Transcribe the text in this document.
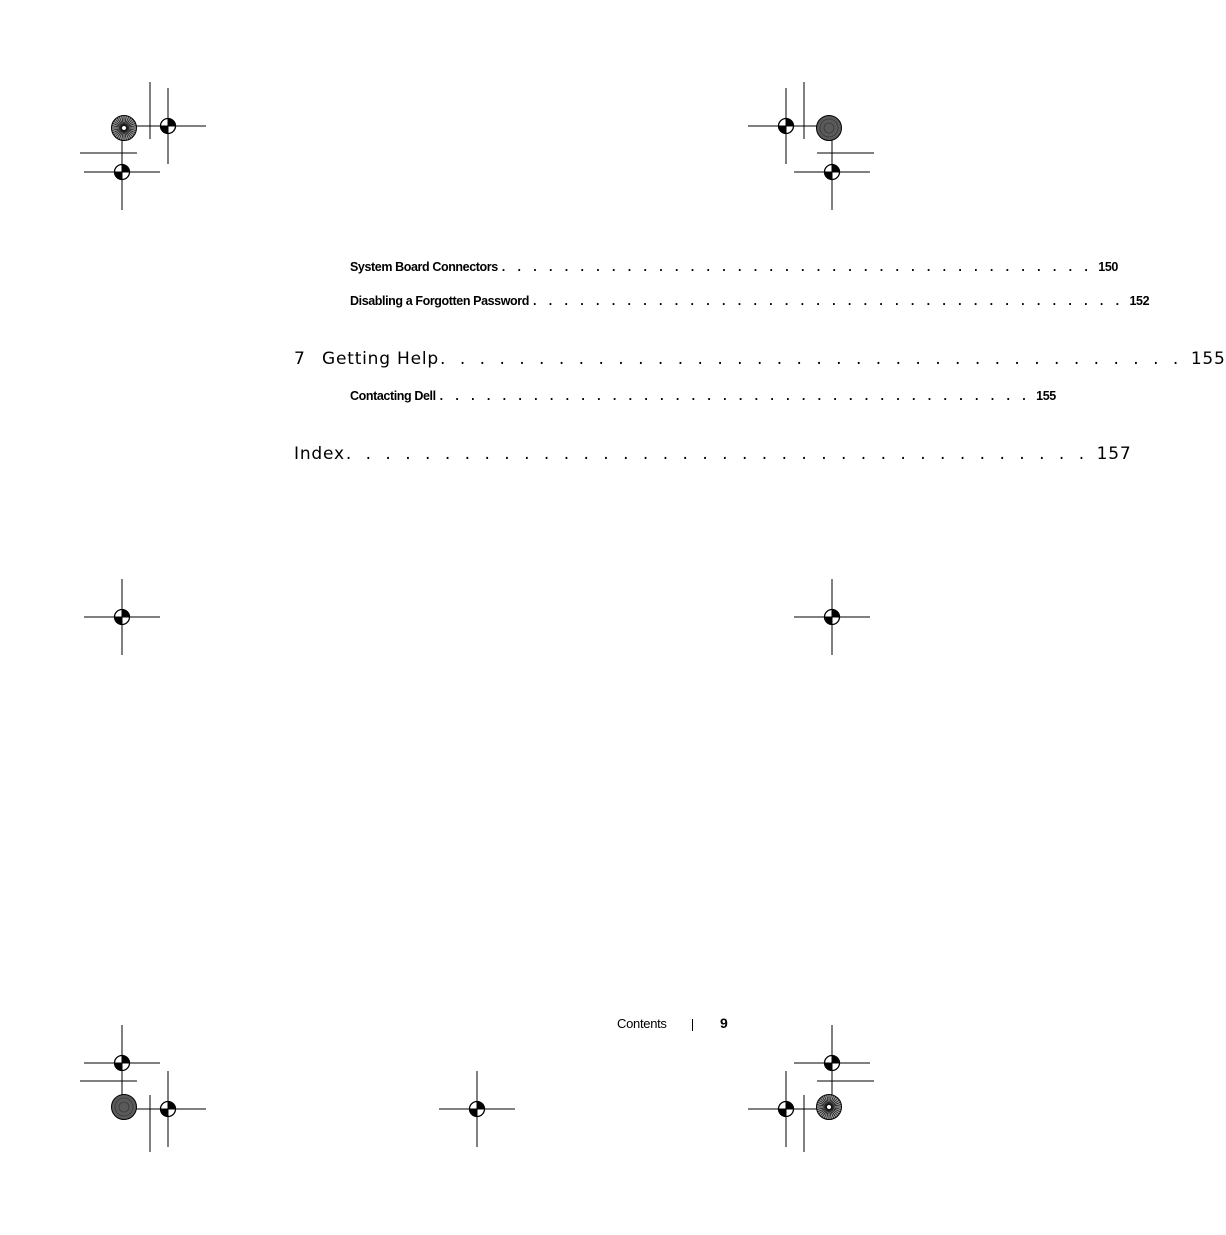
System Board Connectors . . . . . . . . . . . . . . . . . . . . . . . . . . . . . . . . . . . . . . 150
Disabling a Forgotten Password . . . . . . . . . . . . . . . . . . . . . . . . . . . . . . . . . . . . . . 152
7 Getting Help . . . . . . . . . . . . . . . . . . . . . . . . . . . . . . . . . . . . . . 155
Contacting Dell . . . . . . . . . . . . . . . . . . . . . . . . . . . . . . . . . . . . . . 155
Index . . . . . . . . . . . . . . . . . . . . . . . . . . . . . . . . . . . . . . 157
Contents	9
